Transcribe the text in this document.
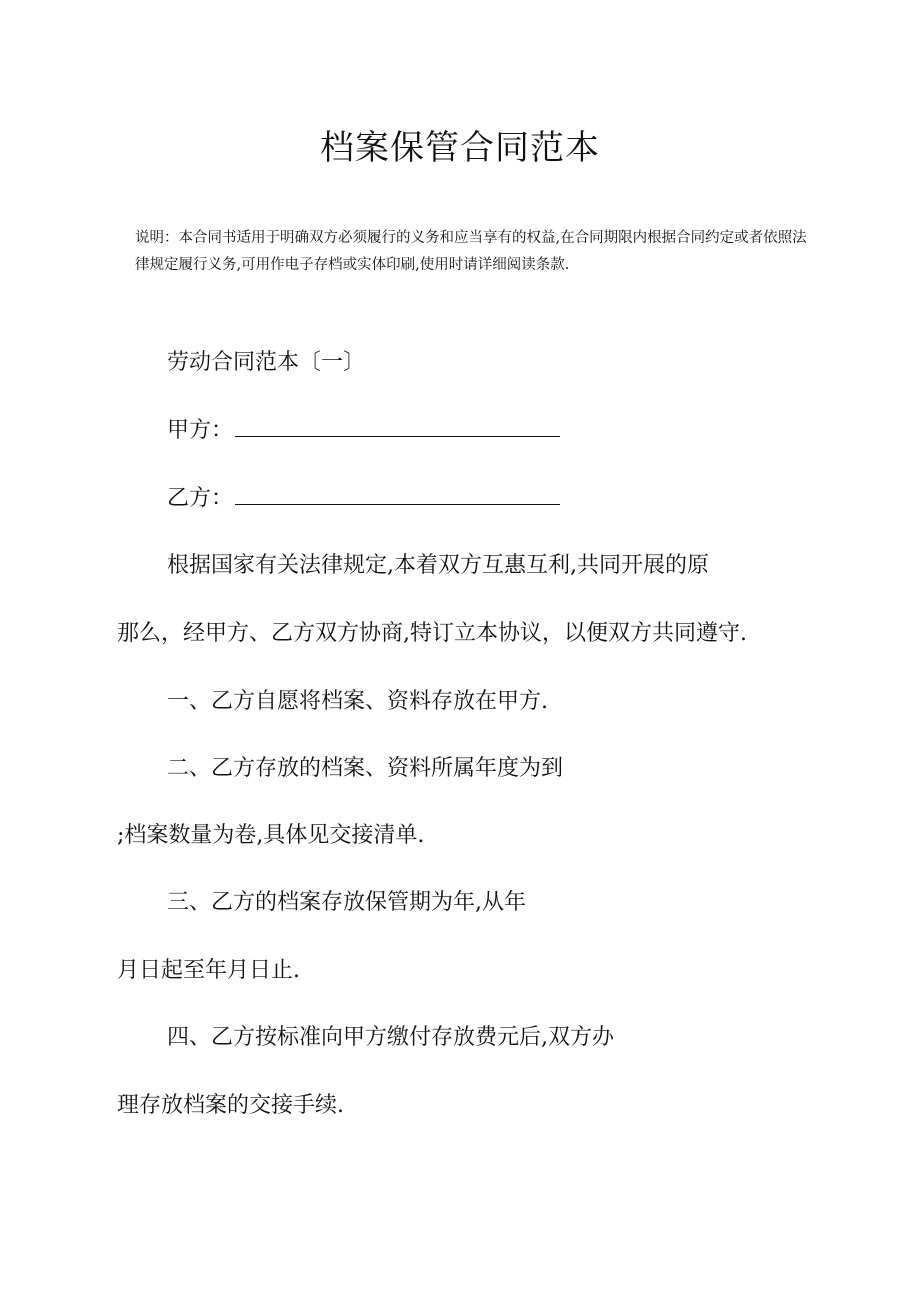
档案保管合同范本
说明：本合同书适用于明确双方必须履行的义务和应当享有的权益,在合同期限内根据合同约定或者依照法律规定履行义务,可用作电子存档或实体印刷,使用时请详细阅读条款.
劳动合同范本〔一〕
甲方：
乙方：
根据国家有关法律规定,本着双方互惠互利,共同开展的原
那么，经甲方、乙方双方协商,特订立本协议，以便双方共同遵守.
一、乙方自愿将档案、资料存放在甲方.
二、乙方存放的档案、资料所属年度为到
;档案数量为卷,具体见交接清单.
三、乙方的档案存放保管期为年,从年
月日起至年月日止.
四、乙方按标准向甲方缴付存放费元后,双方办
理存放档案的交接手续.
